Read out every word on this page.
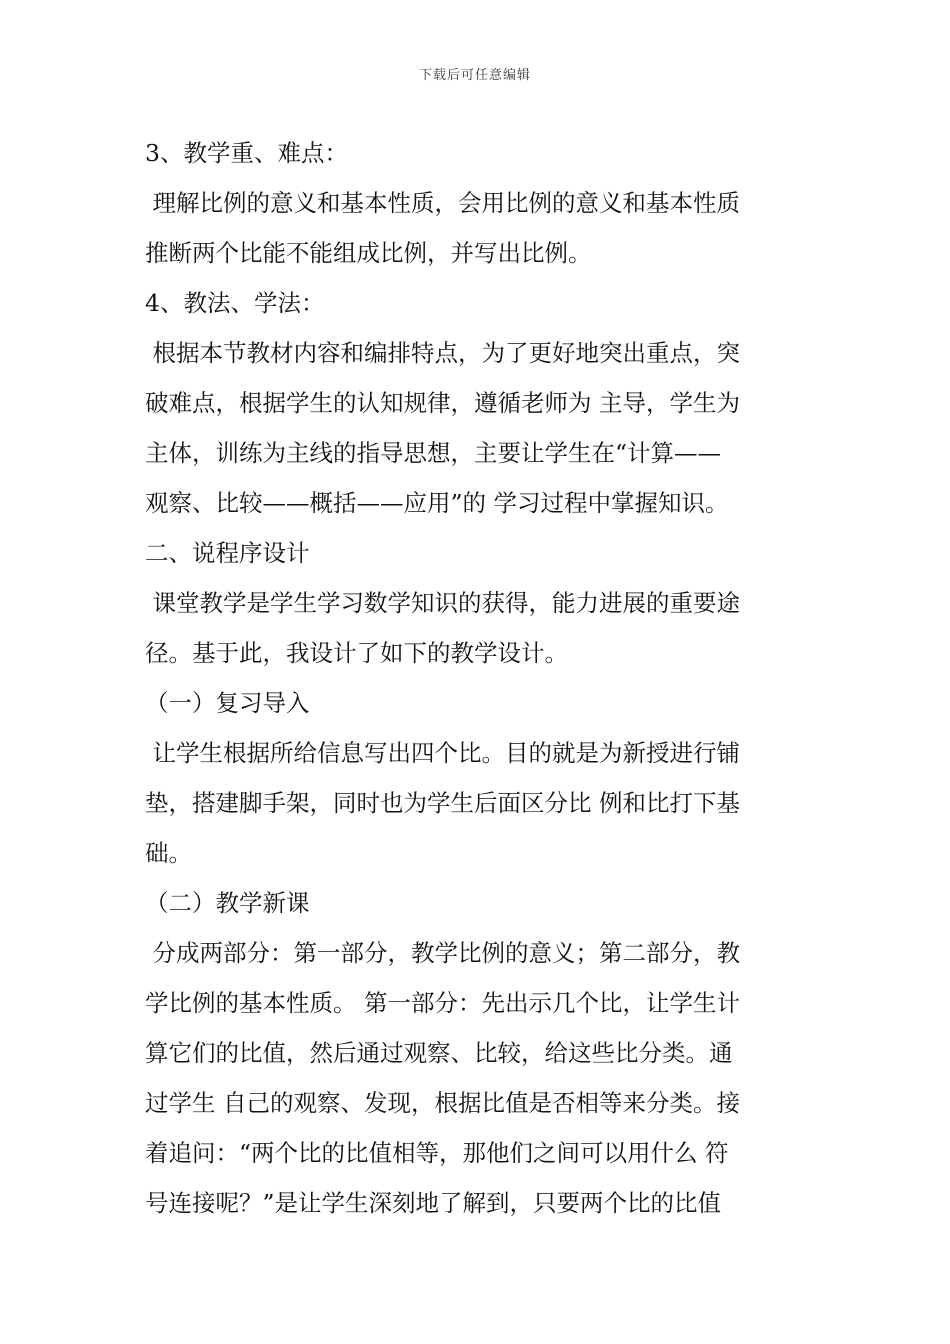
下载后可任意编辑
3、教学重、难点：
理解比例的意义和基本性质，会用比例的意义和基本性质
推断两个比能不能组成比例，并写出比例。
4、教法、学法：
根据本节教材内容和编排特点，为了更好地突出重点，突
破难点，根据学生的认知规律，遵循老师为 主导，学生为
主体，训练为主线的指导思想，主要让学生在“计算——
观察、比较——概括——应用”的 学习过程中掌握知识。
二、说程序设计
课堂教学是学生学习数学知识的获得，能力进展的重要途
径。基于此，我设计了如下的教学设计。
（一）复习导入
让学生根据所给信息写出四个比。目的就是为新授进行铺
垫，搭建脚手架，同时也为学生后面区分比 例和比打下基
础。
（二）教学新课
分成两部分：第一部分，教学比例的意义；第二部分，教
学比例的基本性质。 第一部分：先出示几个比，让学生计
算它们的比值，然后通过观察、比较，给这些比分类。通
过学生 自己的观察、发现，根据比值是否相等来分类。接
着追问：“两个比的比值相等，那他们之间可以用什么 符
号连接呢？”是让学生深刻地了解到，只要两个比的比值
